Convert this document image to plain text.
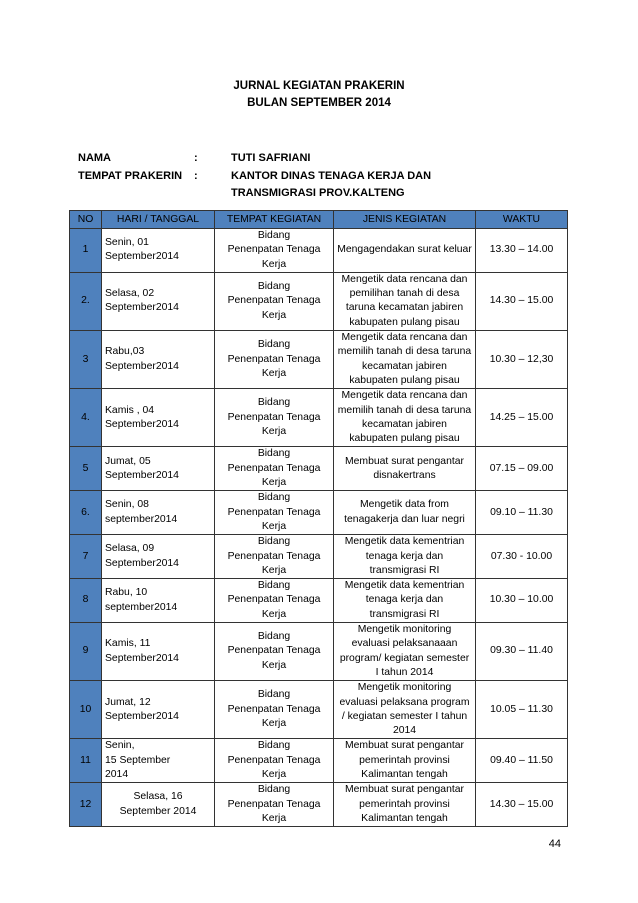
JURNAL KEGIATAN PRAKERIN
BULAN SEPTEMBER 2014
NAMA	:	TUTI SAFRIANI
TEMPAT PRAKERIN :	KANTOR DINAS TENAGA KERJA DAN
TRANSMIGRASI PROV.KALTENG
NO	HARI / TANGGAL	TEMPAT KEGIATAN	JENIS KEGIATAN	WAKTU
1	Senin, 01
September2014	Bidang
Penenpatan Tenaga
Kerja	Mengagendakan surat keluar	13.30 – 14.00
2.	Selasa, 02
September2014	Bidang
Penenpatan Tenaga
Kerja	Mengetik data rencana dan
pemilihan tanah di desa
taruna kecamatan jabiren
kabupaten pulang pisau	14.30 – 15.00
3	Rabu,03
September2014	Bidang
Penenpatan Tenaga
Kerja	Mengetik data rencana dan
memilih tanah di desa taruna
kecamatan jabiren
kabupaten pulang pisau	10.30 – 12,30
4.	Kamis , 04
September2014	Bidang
Penenpatan Tenaga
Kerja	Mengetik data rencana dan
memilih tanah di desa taruna
kecamatan jabiren
kabupaten pulang pisau	14.25 – 15.00
5	Jumat, 05
September2014	Bidang
Penenpatan Tenaga
Kerja	Membuat surat pengantar
disnakertrans	07.15 – 09.00
6.	Senin, 08
september2014	Bidang
Penenpatan Tenaga
Kerja	Mengetik data from
tenagakerja dan luar negri	09.10 – 11.30
7	Selasa, 09
September2014	Bidang
Penenpatan Tenaga
Kerja	Mengetik data kementrian
tenaga kerja dan
transmigrasi RI	07.30 - 10.00
8	Rabu, 10
september2014	Bidang
Penenpatan Tenaga
Kerja	Mengetik data kementrian
tenaga kerja dan
transmigrasi RI	10.30 – 10.00
9	Kamis, 11
September2014	Bidang
Penenpatan Tenaga
Kerja	Mengetik monitoring
evaluasi pelaksanaaan
program/ kegiatan semester
I tahun 2014	09.30 – 11.40
10	Jumat, 12
September2014	Bidang
Penenpatan Tenaga
Kerja	Mengetik monitoring
evaluasi pelaksana program
/ kegiatan semester I tahun
2014	10.05 – 11.30
11	Senin,
15 September
2014	Bidang
Penenpatan Tenaga
Kerja	Membuat surat pengantar
pemerintah provinsi
Kalimantan tengah	09.40 – 11.50
12	Selasa, 16
September 2014	Bidang
Penenpatan Tenaga
Kerja	Membuat surat pengantar
pemerintah provinsi
Kalimantan tengah	14.30 – 15.00
44
